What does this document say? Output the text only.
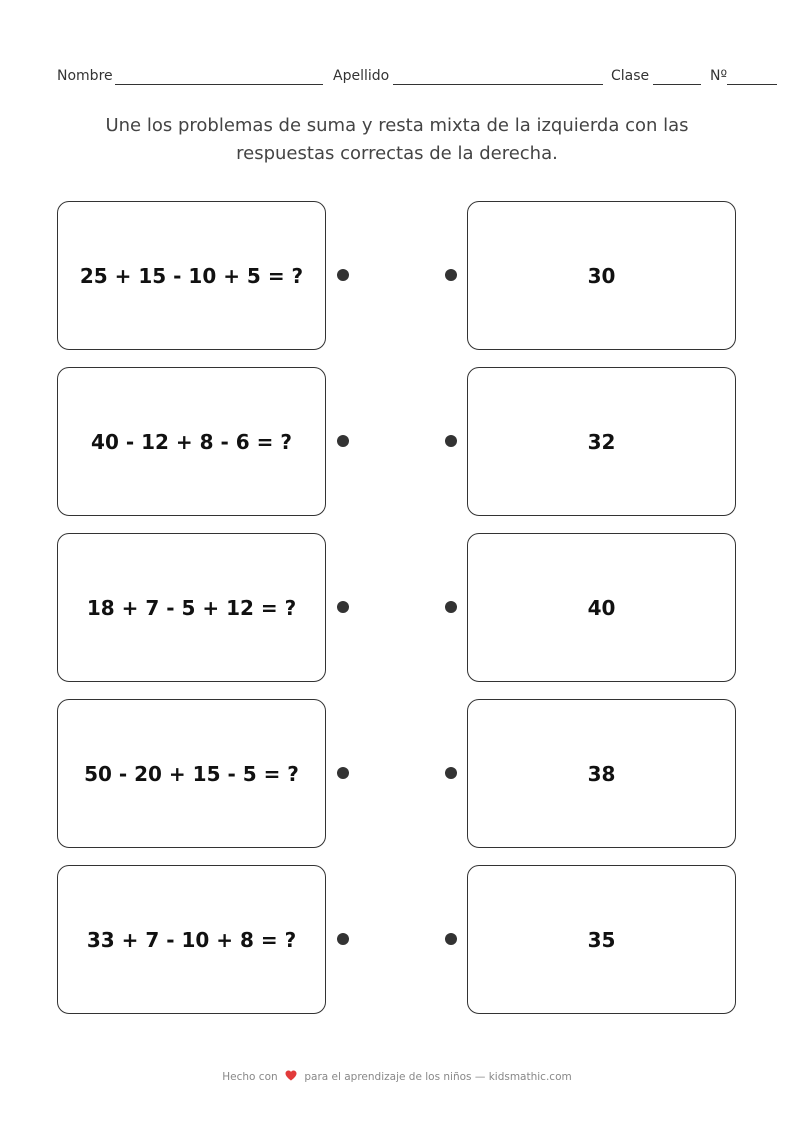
Nombre	Apellido	Clase	Nº
Une los problemas de suma y resta mixta de la izquierda con las respuestas correctas de la derecha.
25 + 15 - 10 + 5 = ?	30
40 - 12 + 8 - 6 = ?	32
18 + 7 - 5 + 12 = ?	40
50 - 20 + 15 - 5 = ?	38
33 + 7 - 10 + 8 = ?	35
Hecho con	para el aprendizaje de los niños — kidsmathic.com
